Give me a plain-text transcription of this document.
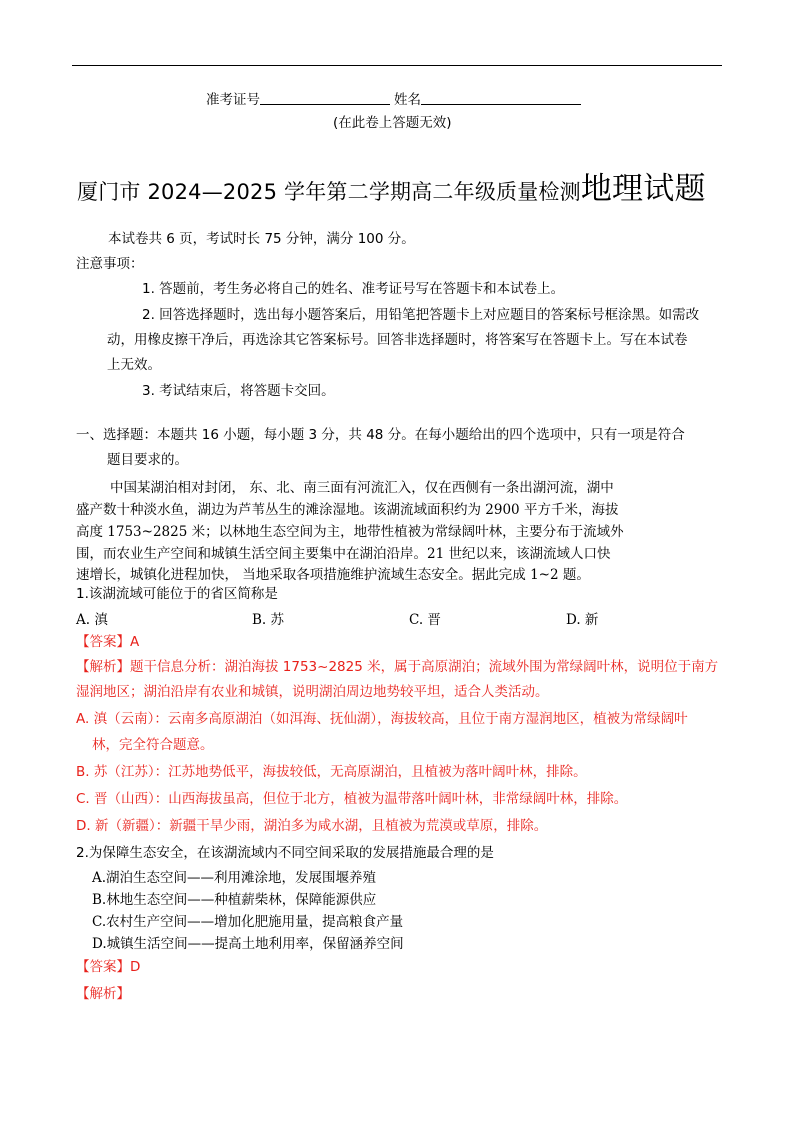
准考证号	姓名
(在此卷上答题无效)
厦门市 2024—2025 学年第二学期高二年级质量检测地理试题
本试卷共 6 页，考试时长 75 分钟，满分 100 分。
注意事项：
1. 答题前，考生务必将自己的姓名、准考证号写在答题卡和本试卷上。
2. 回答选择题时，选出每小题答案后，用铅笔把答题卡上对应题目的答案标号框涂黑。如需改
动，用橡皮擦干净后，再选涂其它答案标号。回答非选择题时，将答案写在答题卡上。写在本试卷
上无效。
3. 考试结束后，将答题卡交回。
一、选择题：本题共 16 小题，每小题 3 分，共 48 分。在每小题给出的四个选项中，只有一项是符合
题目要求的。
中国某湖泊相对封闭， 东、北、南三面有河流汇入，仅在西侧有一条出湖河流，湖中
盛产数十种淡水鱼，湖边为芦苇丛生的滩涂湿地。该湖流域面积约为 2900 平方千米，海拔
高度 1753~2825 米；以林地生态空间为主，地带性植被为常绿阔叶林，主要分布于流域外
围，而农业生产空间和城镇生活空间主要集中在湖泊沿岸。21 世纪以来，该湖流域人口快
速增长，城镇化进程加快， 当地采取各项措施维护流域生态安全。据此完成 1~2 题。
1.该湖流域可能位于的省区简称是
A. 滇	B. 苏	C. 晋	D. 新
【答案】A
【解析】题干信息分析：湖泊海拔 1753~2825 米，属于高原湖泊；流域外围为常绿阔叶林，说明位于南方
湿润地区；湖泊沿岸有农业和城镇，说明湖泊周边地势较平坦，适合人类活动。
A. 滇（云南）：云南多高原湖泊（如洱海、抚仙湖），海拔较高，且位于南方湿润地区，植被为常绿阔叶
林，完全符合题意。
B. 苏（江苏）：江苏地势低平，海拔较低，无高原湖泊，且植被为落叶阔叶林，排除。
C. 晋（山西）：山西海拔虽高，但位于北方，植被为温带落叶阔叶林，非常绿阔叶林，排除。
D. 新（新疆）：新疆干旱少雨，湖泊多为咸水湖，且植被为荒漠或草原，排除。
2.为保障生态安全，在该湖流域内不同空间采取的发展措施最合理的是
A.湖泊生态空间——利用滩涂地，发展围堰养殖
B.林地生态空间——种植薪柴林，保障能源供应
C.农村生产空间——增加化肥施用量，提高粮食产量
D.城镇生活空间——提高土地利用率，保留涵养空间
【答案】D
【解析】
